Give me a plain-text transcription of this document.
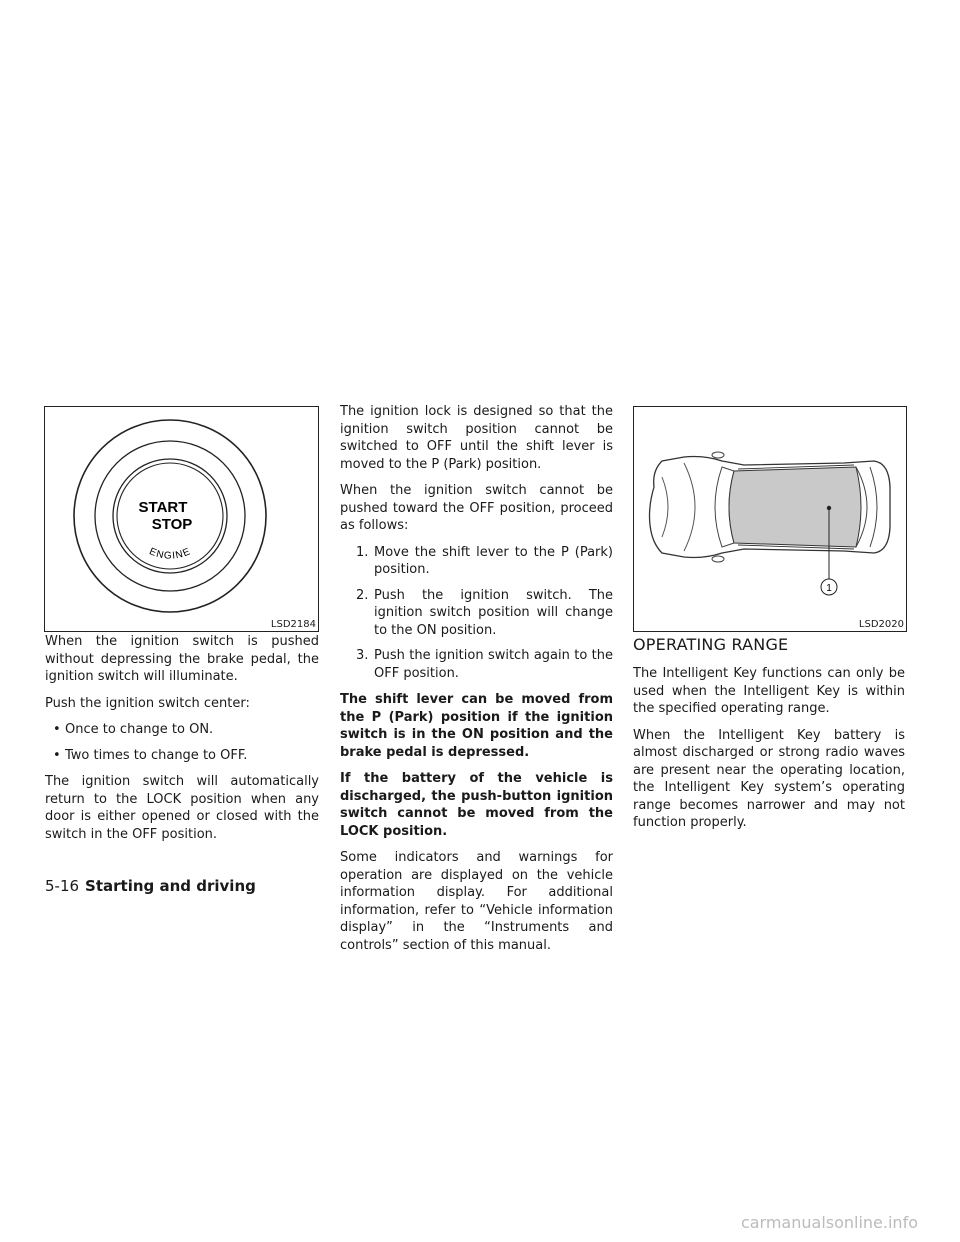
START
STOP
ENGINE
LSD2184

When the ignition switch is pushed without depressing the brake pedal, the ignition switch will illuminate.

Push the ignition switch center:

• Once to change to ON.
• Two times to change to OFF.

The ignition switch will automatically return to the LOCK position when any door is either opened or closed with the switch in the OFF position.

The ignition lock is designed so that the ignition switch position cannot be switched to OFF until the shift lever is moved to the P (Park) position.

When the ignition switch cannot be pushed toward the OFF position, proceed as follows:

1. Move the shift lever to the P (Park) position.
2. Push the ignition switch. The ignition switch position will change to the ON position.
3. Push the ignition switch again to the OFF position.

The shift lever can be moved from the P (Park) position if the ignition switch is in the ON position and the brake pedal is depressed.

If the battery of the vehicle is discharged, the push-button ignition switch cannot be moved from the LOCK position.

Some indicators and warnings for operation are displayed on the vehicle information display. For additional information, refer to “Vehicle information display” in the “Instruments and controls” section of this manual.

1
LSD2020
OPERATING RANGE

The Intelligent Key functions can only be used when the Intelligent Key is within the specified operating range.

When the Intelligent Key battery is almost discharged or strong radio waves are present near the operating location, the Intelligent Key system’s operating range becomes narrower and may not function properly.

5-16 Starting and driving
carmanualsonline.info
